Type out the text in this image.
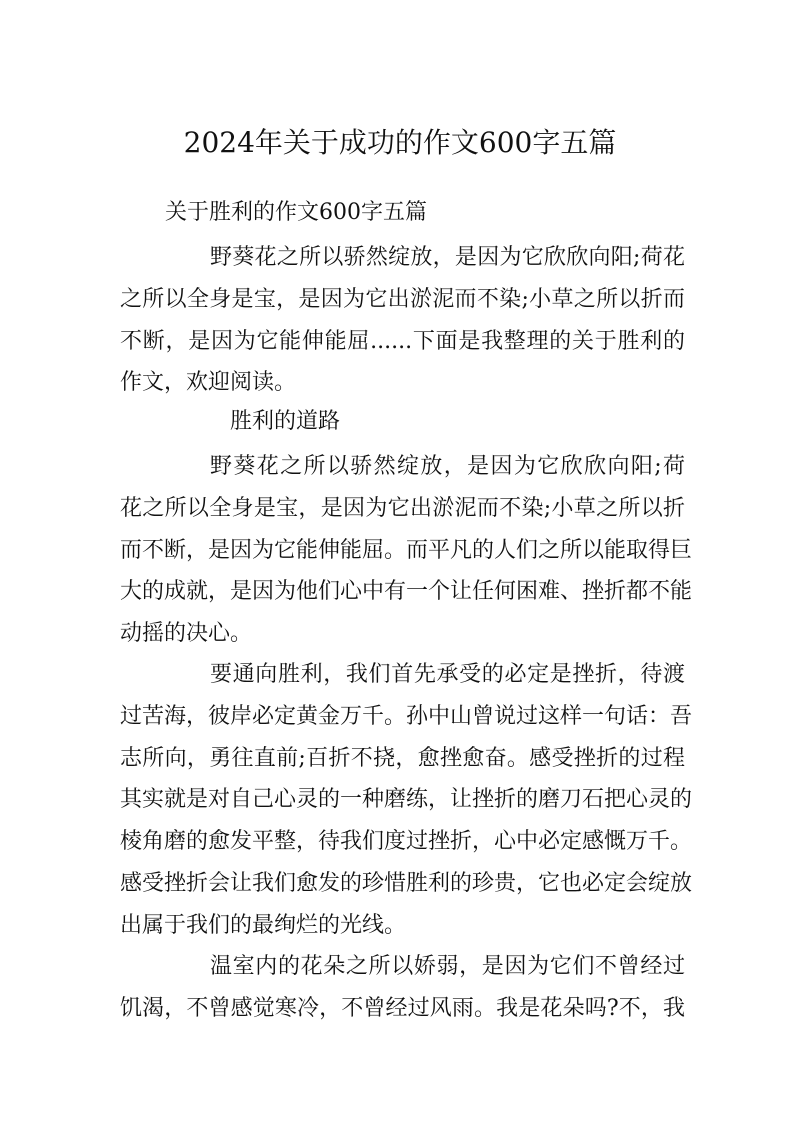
2024年关于成功的作文600字五篇

关于胜利的作文600字五篇

野葵花之所以骄然绽放，是因为它欣欣向阳;荷花
之所以全身是宝，是因为它出淤泥而不染;小草之所以折而
不断，是因为它能伸能屈......下面是我整理的关于胜利的
作文，欢迎阅读。

胜利的道路

野葵花之所以骄然绽放，是因为它欣欣向阳;荷
花之所以全身是宝，是因为它出淤泥而不染;小草之所以折
而不断，是因为它能伸能屈。而平凡的人们之所以能取得巨
大的成就，是因为他们心中有一个让任何困难、挫折都不能
动摇的决心。

要通向胜利，我们首先承受的必定是挫折，待渡
过苦海，彼岸必定黄金万千。孙中山曾说过这样一句话：吾
志所向，勇往直前;百折不挠，愈挫愈奋。感受挫折的过程
其实就是对自己心灵的一种磨练，让挫折的磨刀石把心灵的
棱角磨的愈发平整，待我们度过挫折，心中必定感慨万千。
感受挫折会让我们愈发的珍惜胜利的珍贵，它也必定会绽放
出属于我们的最绚烂的光线。

温室内的花朵之所以娇弱，是因为它们不曾经过
饥渴，不曾感觉寒冷，不曾经过风雨。我是花朵吗?不，我
